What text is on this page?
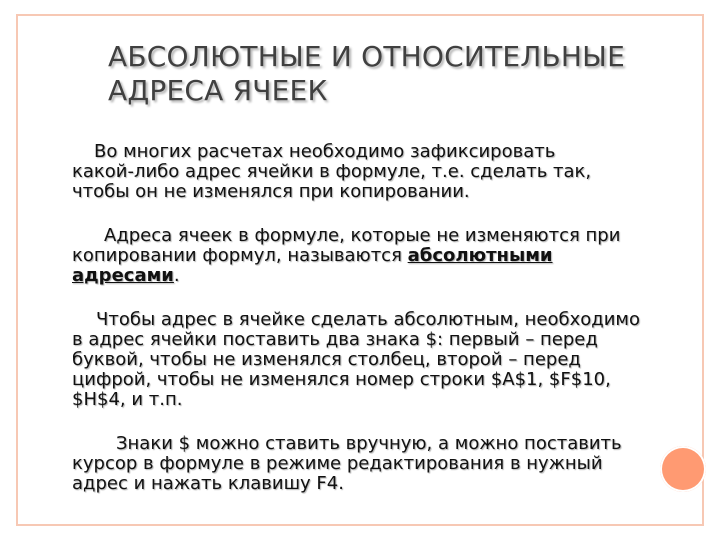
АБСОЛЮТНЫЕ И ОТНОСИТЕЛЬНЫЕ
АДРЕСА ЯЧЕЕК
Во многих расчетах необходимо зафиксировать
какой-либо адрес ячейки в формуле, т.е. сделать так,
чтобы он не изменялся при копировании.
Адреса ячеек в формуле, которые не изменяются при
копировании формул, называются абсолютными
адресами.
Чтобы адрес в ячейке сделать абсолютным, необходимо
в адрес ячейки поставить два знака $: первый – перед
буквой, чтобы не изменялся столбец, второй – перед
цифрой, чтобы не изменялся номер строки $A$1, $F$10,
$H$4, и т.п.
Знаки $ можно ставить вручную, а можно поставить
курсор в формуле в режиме редактирования в нужный
адрес и нажать клавишу F4.
